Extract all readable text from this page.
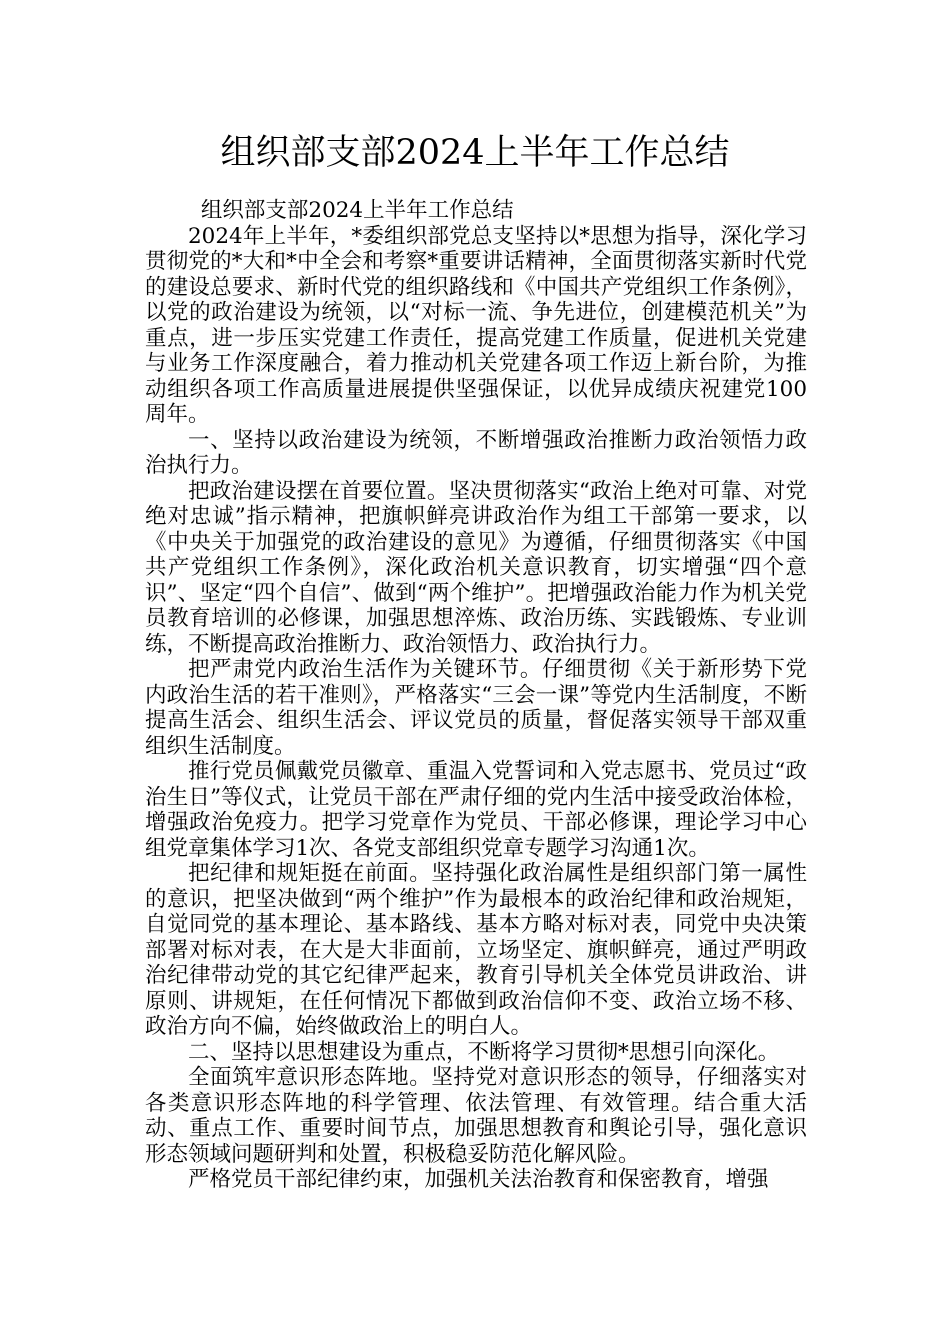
组织部支部2024上半年工作总结

组织部支部2024上半年工作总结

2024年上半年，*委组织部党总支坚持以*思想为指导，深化学习贯彻党的*大和*中全会和考察*重要讲话精神，全面贯彻落实新时代党的建设总要求、新时代党的组织路线和《中国共产党组织工作条例》，以党的政治建设为统领，以“对标一流、争先进位，创建模范机关”为重点，进一步压实党建工作责任，提高党建工作质量，促进机关党建与业务工作深度融合，着力推动机关党建各项工作迈上新台阶，为推动组织各项工作高质量进展提供坚强保证，以优异成绩庆祝建党100周年。

一、坚持以政治建设为统领，不断增强政治推断力政治领悟力政治执行力。

把政治建设摆在首要位置。坚决贯彻落实“政治上绝对可靠、对党绝对忠诚”指示精神，把旗帜鲜亮讲政治作为组工干部第一要求，以《中央关于加强党的政治建设的意见》为遵循，仔细贯彻落实《中国共产党组织工作条例》，深化政治机关意识教育，切实增强“四个意识”、坚定“四个自信”、做到“两个维护”。把增强政治能力作为机关党员教育培训的必修课，加强思想淬炼、政治历练、实践锻炼、专业训练，不断提高政治推断力、政治领悟力、政治执行力。

把严肃党内政治生活作为关键环节。仔细贯彻《关于新形势下党内政治生活的若干准则》，严格落实“三会一课”等党内生活制度，不断提高生活会、组织生活会、评议党员的质量，督促落实领导干部双重组织生活制度。

推行党员佩戴党员徽章、重温入党誓词和入党志愿书、党员过“政治生日”等仪式，让党员干部在严肃仔细的党内生活中接受政治体检，增强政治免疫力。把学习党章作为党员、干部必修课，理论学习中心组党章集体学习1次、各党支部组织党章专题学习沟通1次。

把纪律和规矩挺在前面。坚持强化政治属性是组织部门第一属性的意识，把坚决做到“两个维护”作为最根本的政治纪律和政治规矩，自觉同党的基本理论、基本路线、基本方略对标对表，同党中央决策部署对标对表，在大是大非面前，立场坚定、旗帜鲜亮，通过严明政治纪律带动党的其它纪律严起来，教育引导机关全体党员讲政治、讲原则、讲规矩，在任何情况下都做到政治信仰不变、政治立场不移、政治方向不偏，始终做政治上的明白人。

二、坚持以思想建设为重点，不断将学习贯彻*思想引向深化。

全面筑牢意识形态阵地。坚持党对意识形态的领导，仔细落实对各类意识形态阵地的科学管理、依法管理、有效管理。结合重大活动、重点工作、重要时间节点，加强思想教育和舆论引导，强化意识形态领域问题研判和处置，积极稳妥防范化解风险。

严格党员干部纪律约束，加强机关法治教育和保密教育，增强
